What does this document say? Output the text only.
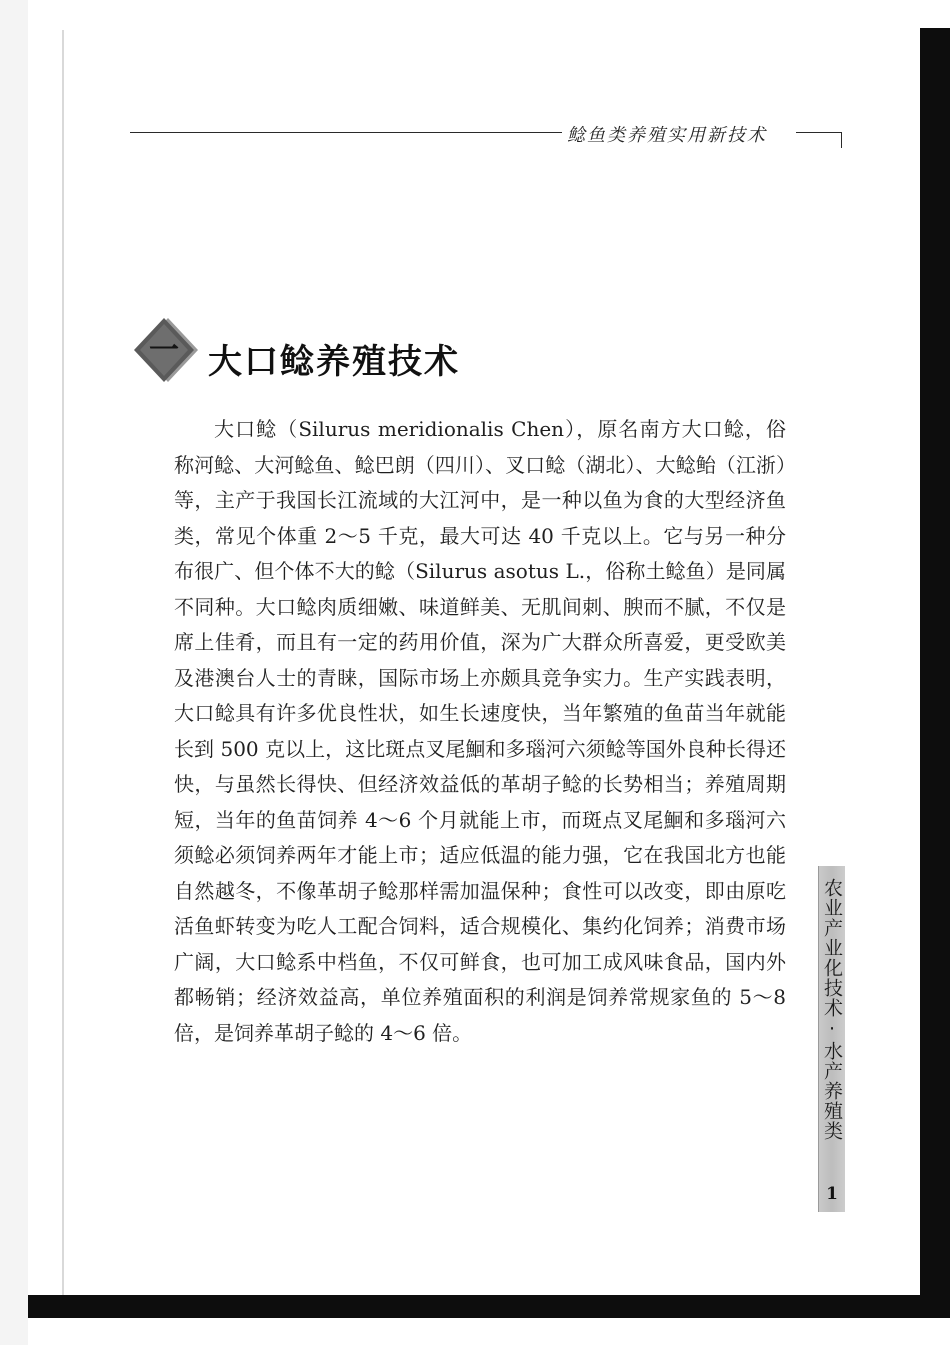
鲶鱼类养殖实用新技术
一 大口鲶养殖技术

大口鲶（Silurus meridionalis Chen），原名南方大口鲶，俗称河鲶、大河鲶鱼、鲶巴朗（四川）、叉口鲶（湖北）、大鲶鲐（江浙）等，主产于我国长江流域的大江河中，是一种以鱼为食的大型经济鱼类，常见个体重 2～5 千克，最大可达 40 千克以上。它与另一种分布很广、但个体不大的鲶（Silurus asotus L.，俗称土鲶鱼）是同属不同种。大口鲶肉质细嫩、味道鲜美、无肌间刺、腴而不腻，不仅是席上佳肴，而且有一定的药用价值，深为广大群众所喜爱，更受欧美及港澳台人士的青睐，国际市场上亦颇具竞争实力。生产实践表明，大口鲶具有许多优良性状，如生长速度快，当年繁殖的鱼苗当年就能长到 500 克以上，这比斑点叉尾鮰和多瑙河六须鲶等国外良种长得还快，与虽然长得快、但经济效益低的革胡子鲶的长势相当；养殖周期短，当年的鱼苗饲养 4～6 个月就能上市，而斑点叉尾鮰和多瑙河六须鲶必须饲养两年才能上市；适应低温的能力强，它在我国北方也能自然越冬，不像革胡子鲶那样需加温保种；食性可以改变，即由原吃活鱼虾转变为吃人工配合饲料，适合规模化、集约化饲养；消费市场广阔，大口鲶系中档鱼，不仅可鲜食，也可加工成风味食品，国内外都畅销；经济效益高，单位养殖面积的利润是饲养常规家鱼的 5～8 倍，是饲养革胡子鲶的 4～6 倍。	农业产业化技术·水产养殖类
1
